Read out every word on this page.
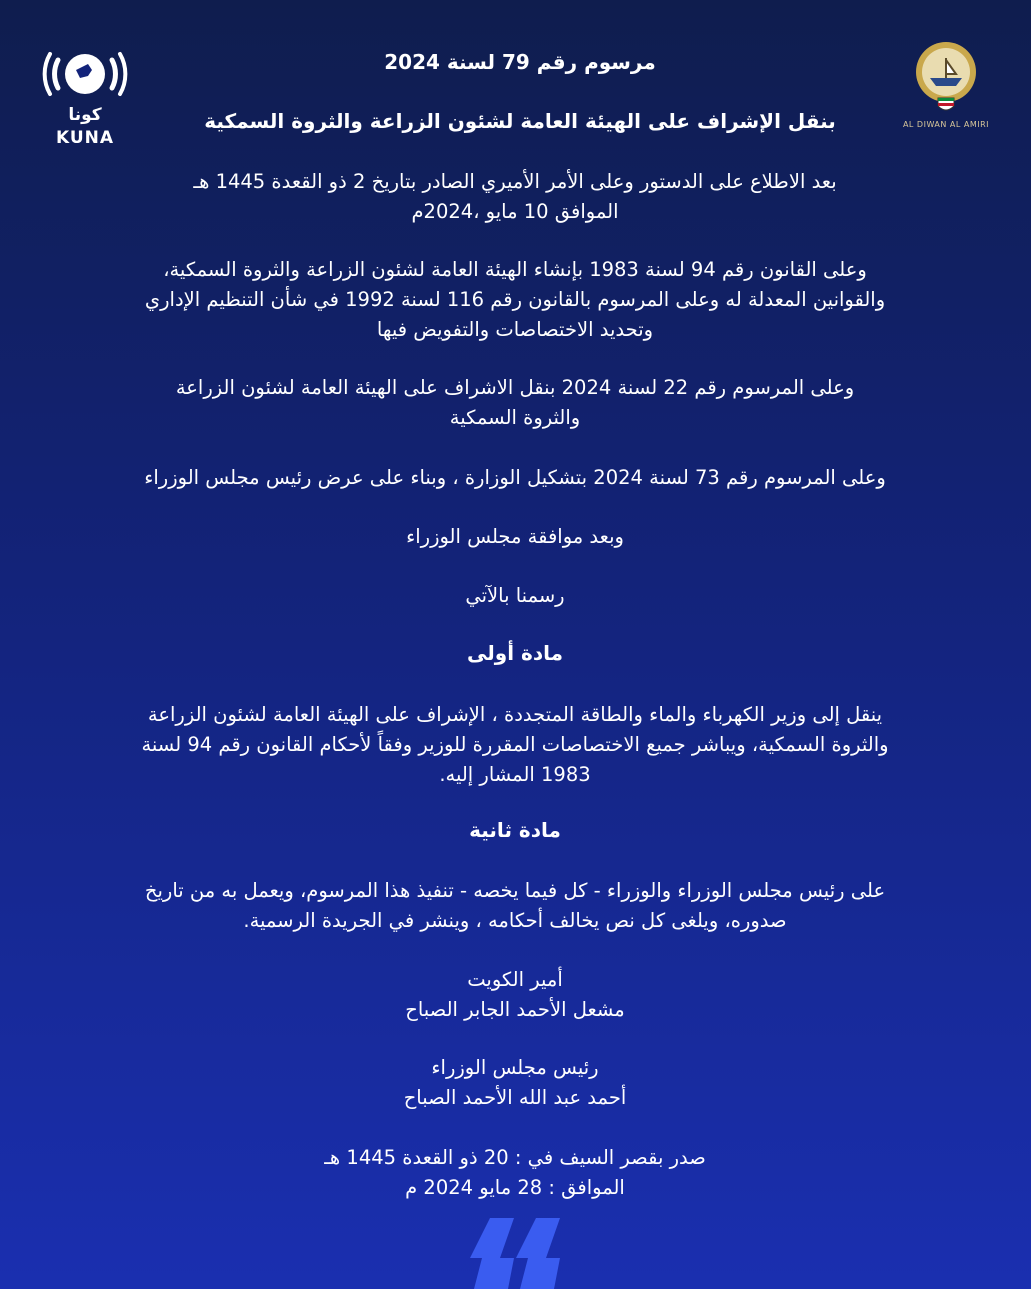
كونا
KUNA
AL DIWAN AL AMIRI
مرسوم رقم 79 لسنة 2024
بنقل الإشراف على الهيئة العامة لشئون الزراعة والثروة السمكية
بعد الاطلاع على الدستور وعلى الأمر الأميري الصادر بتاريخ 2 ذو القعدة 1445 هـ
الموافق 10 مايو ،2024م
وعلى القانون رقم 94 لسنة 1983 بإنشاء الهيئة العامة لشئون الزراعة والثروة السمكية،
والقوانين المعدلة له وعلى المرسوم بالقانون رقم 116 لسنة 1992 في شأن التنظيم الإداري
وتحديد الاختصاصات والتفويض فيها
وعلى المرسوم رقم 22 لسنة 2024 بنقل الاشراف على الهيئة العامة لشئون الزراعة
والثروة السمكية
وعلى المرسوم رقم 73 لسنة 2024 بتشكيل الوزارة ، وبناء على عرض رئيس مجلس الوزراء
وبعد موافقة مجلس الوزراء
رسمنا بالآتي
مادة أولى
ينقل إلى وزير الكهرباء والماء والطاقة المتجددة ، الإشراف على الهيئة العامة لشئون الزراعة
والثروة السمكية، ويباشر جميع الاختصاصات المقررة للوزير وفقاً لأحكام القانون رقم 94 لسنة
1983 المشار إليه.
مادة ثانية
على رئيس مجلس الوزراء والوزراء - كل فيما يخصه - تنفيذ هذا المرسوم، ويعمل به من تاريخ
صدوره، ويلغى كل نص يخالف أحكامه ، وينشر في الجريدة الرسمية.
أمير الكويت
مشعل الأحمد الجابر الصباح
رئيس مجلس الوزراء
أحمد عبد الله الأحمد الصباح
صدر بقصر السيف في : 20 ذو القعدة 1445 هـ
الموافق : 28 مايو 2024 م
